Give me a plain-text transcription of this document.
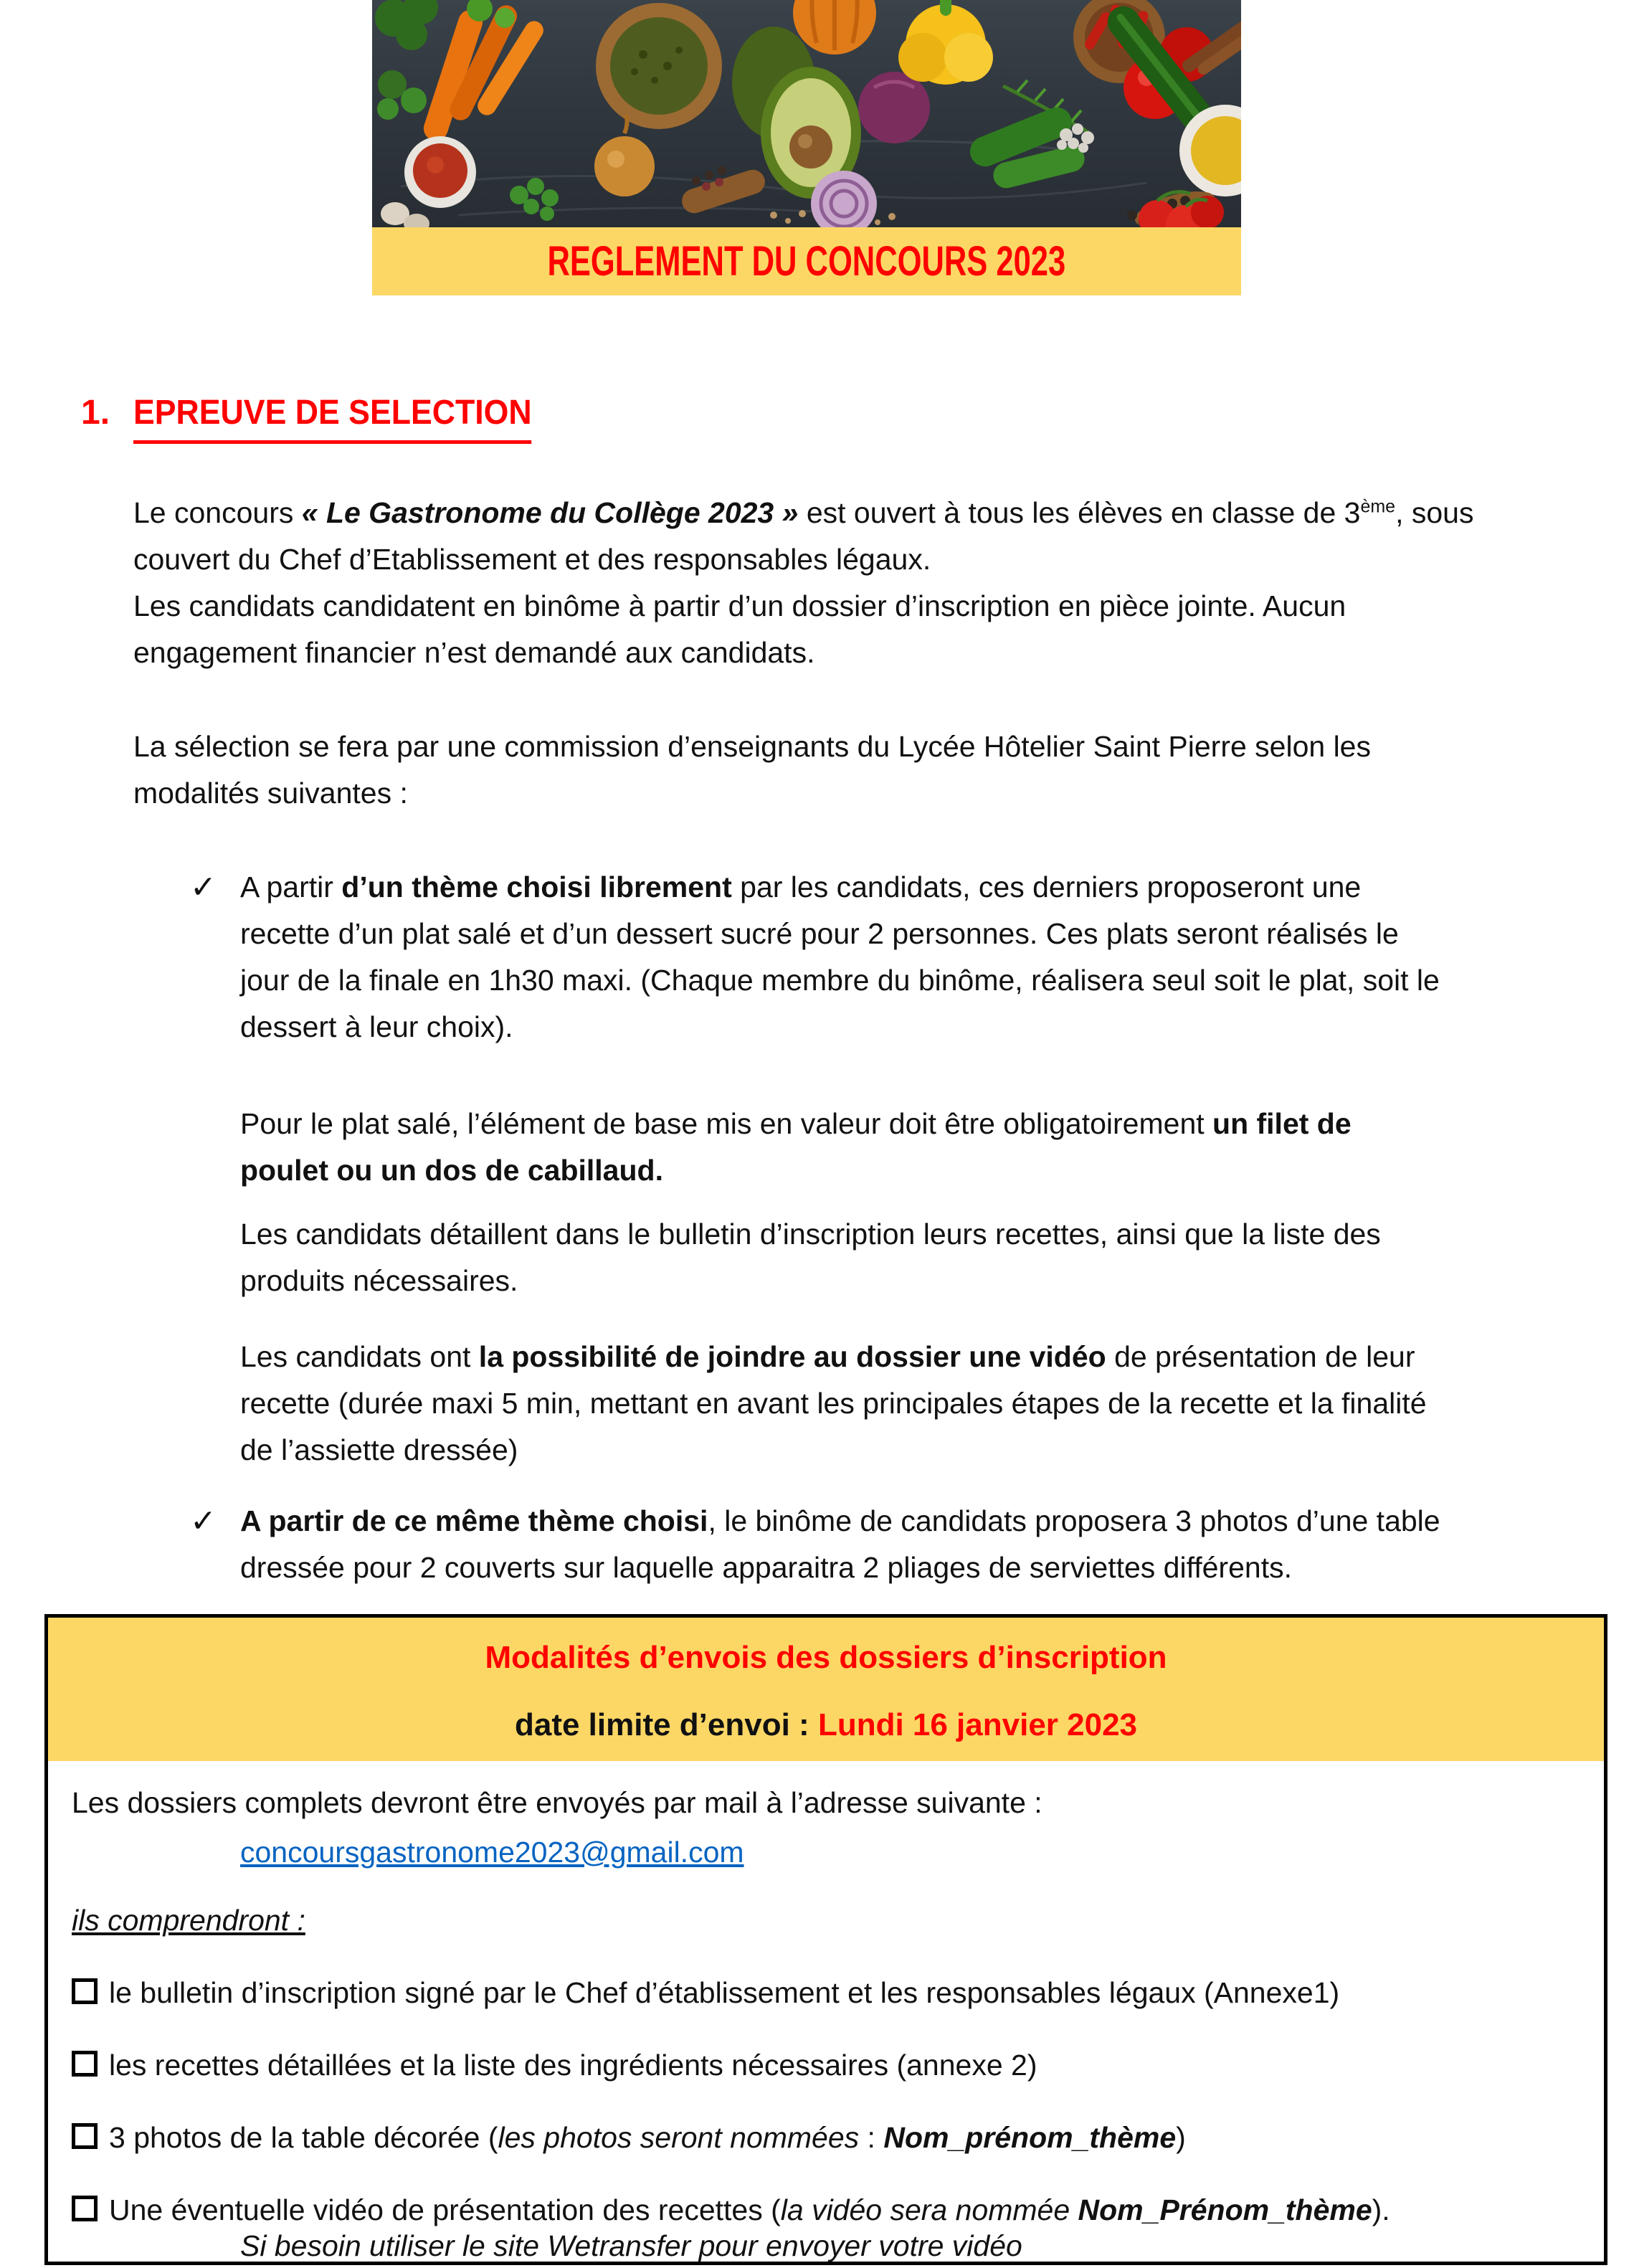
REGLEMENT DU CONCOURS 2023
1. EPREUVE DE SELECTION
Le concours « Le Gastronome du Collège 2023 » est ouvert à tous les élèves en classe de 3ème, sous
couvert du Chef d’Etablissement et des responsables légaux.
Les candidats candidatent en binôme à partir d’un dossier d’inscription en pièce jointe. Aucun
engagement financier n’est demandé aux candidats.
La sélection se fera par une commission d’enseignants du Lycée Hôtelier Saint Pierre selon les
modalités suivantes :
✓ A partir d’un thème choisi librement par les candidats, ces derniers proposeront une
recette d’un plat salé et d’un dessert sucré pour 2 personnes. Ces plats seront réalisés le
jour de la finale en 1h30 maxi. (Chaque membre du binôme, réalisera seul soit le plat, soit le
dessert à leur choix).
Pour le plat salé, l’élément de base mis en valeur doit être obligatoirement un filet de
poulet ou un dos de cabillaud.
Les candidats détaillent dans le bulletin d’inscription leurs recettes, ainsi que la liste des
produits nécessaires.
Les candidats ont la possibilité de joindre au dossier une vidéo de présentation de leur
recette (durée maxi 5 min, mettant en avant les principales étapes de la recette et la finalité
de l’assiette dressée)
✓ A partir de ce même thème choisi, le binôme de candidats proposera 3 photos d’une table
dressée pour 2 couverts sur laquelle apparaitra 2 pliages de serviettes différents.
Modalités d’envois des dossiers d’inscription
date limite d’envoi : Lundi 16 janvier 2023
Les dossiers complets devront être envoyés par mail à l’adresse suivante :
concoursgastronome2023@gmail.com
ils comprendront :
le bulletin d’inscription signé par le Chef d’établissement et les responsables légaux (Annexe1)
les recettes détaillées et la liste des ingrédients nécessaires (annexe 2)
3 photos de la table décorée (les photos seront nommées : Nom_prénom_thème)
Une éventuelle vidéo de présentation des recettes (la vidéo sera nommée Nom_Prénom_thème).
Si besoin utiliser le site Wetransfer pour envoyer votre vidéo
